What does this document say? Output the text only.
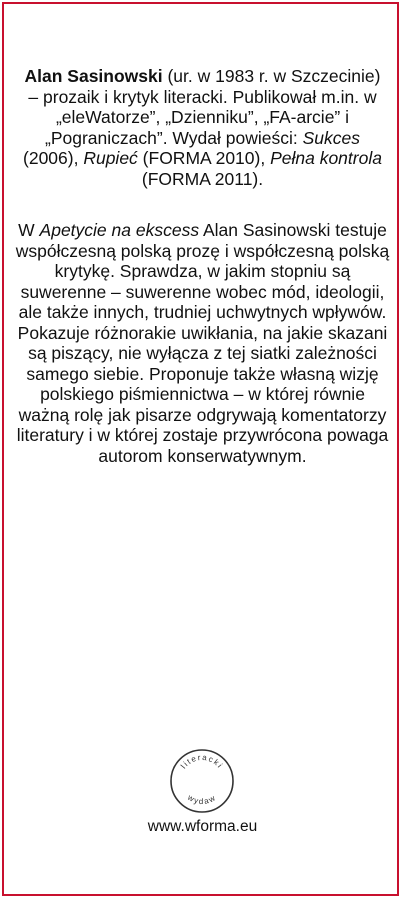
Alan Sasinowski (ur. w 1983 r. w Szczecinie) – prozaik i krytyk literacki. Publikował m.in. w „eleWatorze”, „Dzienniku”, „FA-arcie” i „Pograniczach”. Wydał powieści: Sukces (2006), Rupieć (FORMA 2010), Pełna kontrola (FORMA 2011).

W Apetycie na ekscess Alan Sasinowski testuje współczesną polską prozę i współczesną polską krytykę. Sprawdza, w jakim stopniu są suwerenne – suwerenne wobec mód, ideologii, ale także innych, trudniej uchwytnych wpływów. Pokazuje różnorakie uwikłania, na jakie skazani są piszący, nie wyłącza z tej siatki zależności samego siebie. Proponuje także własną wizję polskiego piśmiennictwa – w której równie ważną rolę jak pisarze odgrywają komentatorzy literatury i w której zostaje przywrócona powaga autorom konserwatywnym.

literacki
wydaw

www.wforma.eu
